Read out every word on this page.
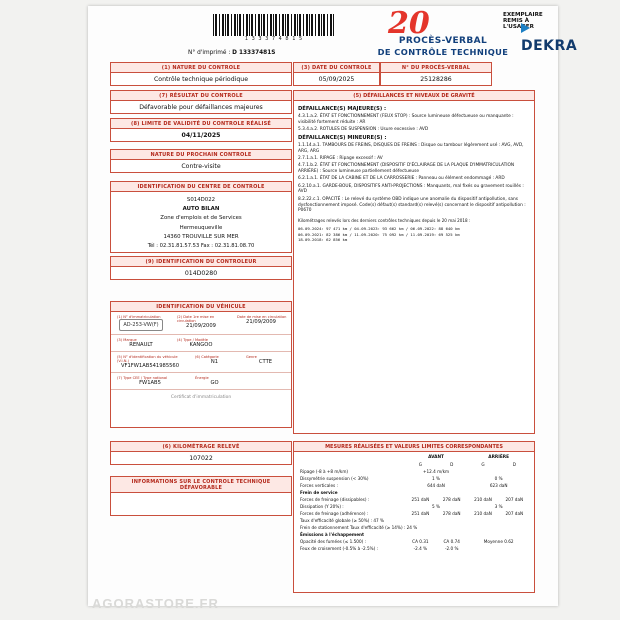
1 3 3 3 7 4 8 1 5	20	EXEMPLAIRE REMIS À L'USAGER
DEKRA
PROCÈS-VERBAL
DE CONTRÔLE TECHNIQUE
N° d'imprimé : D 13337481S
(1) NATURE DU CONTROLE
Contrôle technique périodique
(7) RÉSULTAT DU CONTROLE
Défavorable pour défaillances majeures
(8) LIMITE DE VALIDITÉ DU CONTROLE RÉALISÉ
04/11/2025
NATURE DU PROCHAIN CONTROLE
Contre-visite
IDENTIFICATION DU CENTRE DE CONTROLE
S014D022
AUTO BILAN
Zone d'emplois et de Services
Hermeuqueville
14360 TROUVILLE SUR MER
Tél : 02.31.81.57.53 Fax : 02.31.81.08.70
(9) IDENTIFICATION DU CONTROLEUR
014D0280
IDENTIFICATION DU VÉHICULE
(1) N° d'immatriculation
AD-253-VW(F)
(2) Date 1re mise en circulation
21/09/2009
Date de mise en circulation
21/09/2009
(3) Marque
RENAULT
(4) Type / Modèle
KANGOO
(5) N° d'identification du véhicule (V.I.N.)
VF1FW1AB541985560
(6) Catégorie
N1
Genre
CTTE
(7) Type CEE / Type national
FW1AB5
Énergie
GO
Certificat d'immatriculation
(6) KILOMÉTRAGE RELEVÉ
107022
INFORMATIONS SUR LE CONTROLE TECHNIQUE DÉFAVORABLE
(3) DATE DU CONTROLE
05/09/2025
N° DU PROCÈS-VERBAL
25128286
(5) DÉFAILLANCES ET NIVEAUX DE GRAVITÉ
DÉFAILLANCE(S) MAJEURE(S) :
4.3.1.a.2. ÉTAT ET FONCTIONNEMENT (FEUX STOP) : Source lumineuse défectueuse ou manquante : visibilité fortement réduite : AR
5.3.4.a.2. ROTULES DE SUSPENSION : Usure excessive : AVD
DÉFAILLANCE(S) MINEURE(S) :
1.1.14.a.1. TAMBOURS DE FREINS, DISQUES DE FREINS : Disque ou tambour légèrement usé : AVG, AVD, ARG, ARG
2.7.1.a.1. RIPAGE : Ripage excessif : AV
4.7.1.b.2. ÉTAT ET FONCTIONNEMENT (DISPOSITIF D'ÉCLAIRAGE DE LA PLAQUE D'IMMATRICULATION ARRIÈRE) : Source lumineuse partiellement défectueuse
6.2.1.a.1. ÉTAT DE LA CABINE ET DE LA CARROSSERIE : Panneau ou élément endommagé : ARD
6.2.10.a.1. GARDE-BOUE, DISPOSITIFS ANTI-PROJECTIONS : Manquants, mal fixés ou gravement rouillés : AVD
8.2.22.c.1. OPACITÉ : Le relevé du système OBD indique une anomalie du dispositif antipollution, sans dysfonctionnement imposé. Code(s) défaut(s) standard(s) relevé(s) concernant le dispositif antipollution : P0670
Kilométrages relevés lors des derniers contrôles techniques depuis le 20 mai 2018 :
06.09.2024: 97 471 km / 04.09.2023: 93 662 km / 06.09.2022: 88 640 km
06.09.2021: 82 386 km / 11.09.2020: 75 092 km / 11.09.2019: 69 525 km
18.09.2018: 62 856 km
MESURES RÉALISÉES ET VALEURS LIMITES CORRESPONDANTES
	AVANT		ARRIÈRE	
	G	D	G	D
Ripage (-8 à +8 m/km)	+12.4 m/km			
Dissymétrie suspension (< 30%)	1 %		0 %	
Forces verticales :	644 daN		623 daN	
Frein de service				
Forces de freinage (dissipables) :	251 daN	278 daN	210 daN	207 daN
Dissipation (Y 20%) :	5 %		3 %	
Forces de freinage (adhérence) :	251 daN	278 daN	210 daN	207 daN
Taux d'efficacité globale (≥ 50%) : 47 %				
Frein de stationnement Taux d'efficacité (≥ 14%) : 24 %				
Émissions à l'échappement				
Opacité des fumées (≤ 1.500) :	CA 0.31	CA 0.74	Moyenne 0.62	
Feux de croisement (-0.5% à -2.5%) :	-2.4 %	-2.0 %		
AGORASTORE.FR
